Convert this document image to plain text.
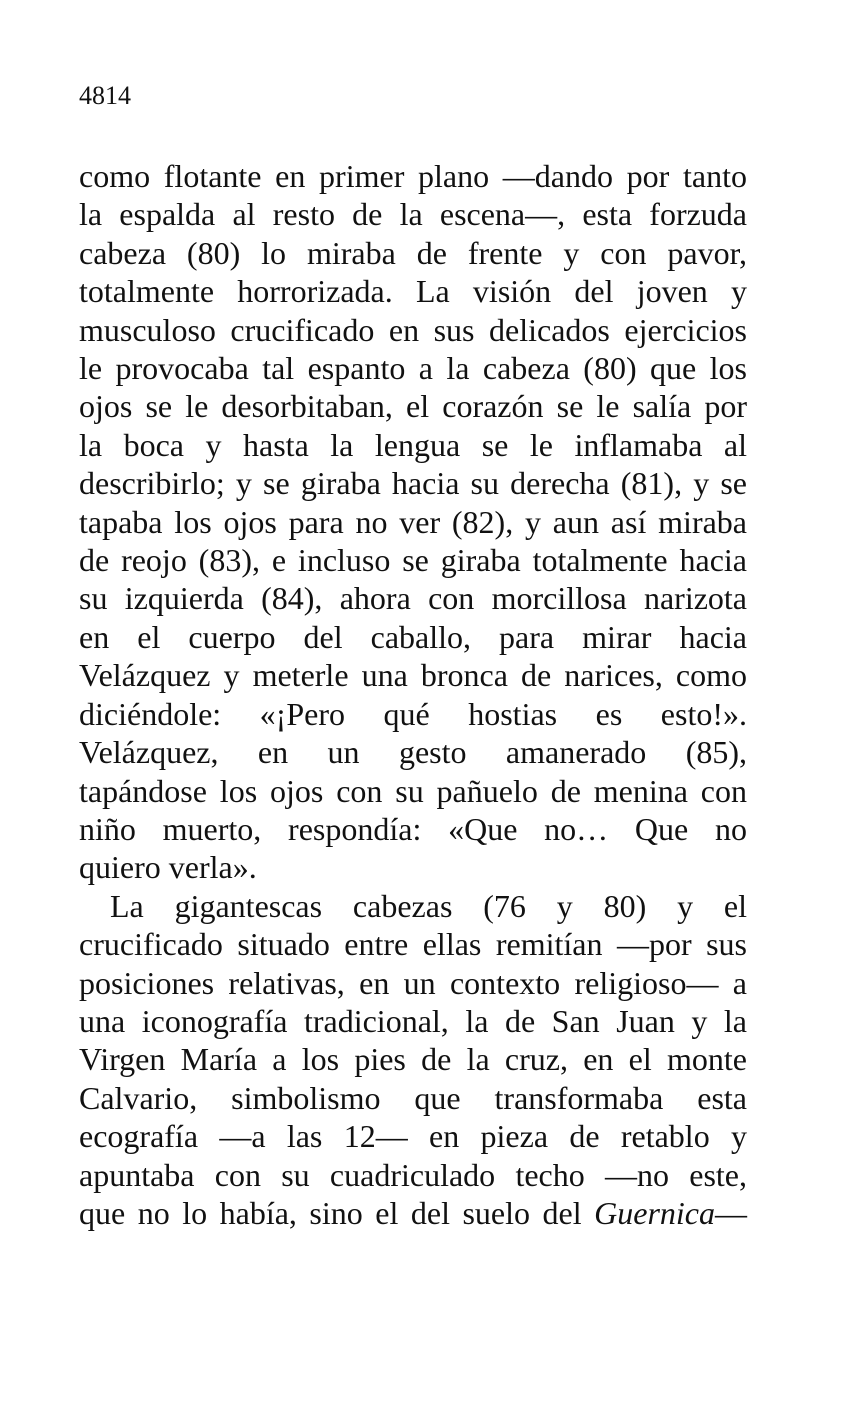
4814

como flotante en primer plano —dando por tanto
la espalda al resto de la escena—, esta forzuda
cabeza (80) lo miraba de frente y con pavor,
totalmente horrorizada. La visión del joven y
musculoso crucificado en sus delicados ejercicios
le provocaba tal espanto a la cabeza (80) que los
ojos se le desorbitaban, el corazón se le salía por
la boca y hasta la lengua se le inflamaba al
describirlo; y se giraba hacia su derecha (81), y se
tapaba los ojos para no ver (82), y aun así miraba
de reojo (83), e incluso se giraba totalmente hacia
su izquierda (84), ahora con morcillosa narizota
en el cuerpo del caballo, para mirar hacia
Velázquez y meterle una bronca de narices, como
diciéndole: «¡Pero qué hostias es esto!».
Velázquez, en un gesto amanerado (85),
tapándose los ojos con su pañuelo de menina con
niño muerto, respondía: «Que no… Que no
quiero verla».

La gigantescas cabezas (76 y 80) y el
crucificado situado entre ellas remitían —por sus
posiciones relativas, en un contexto religioso— a
una iconografía tradicional, la de San Juan y la
Virgen María a los pies de la cruz, en el monte
Calvario, simbolismo que transformaba esta
ecografía —a las 12— en pieza de retablo y
apuntaba con su cuadriculado techo —no este,
que no lo había, sino el del suelo del Guernica—
